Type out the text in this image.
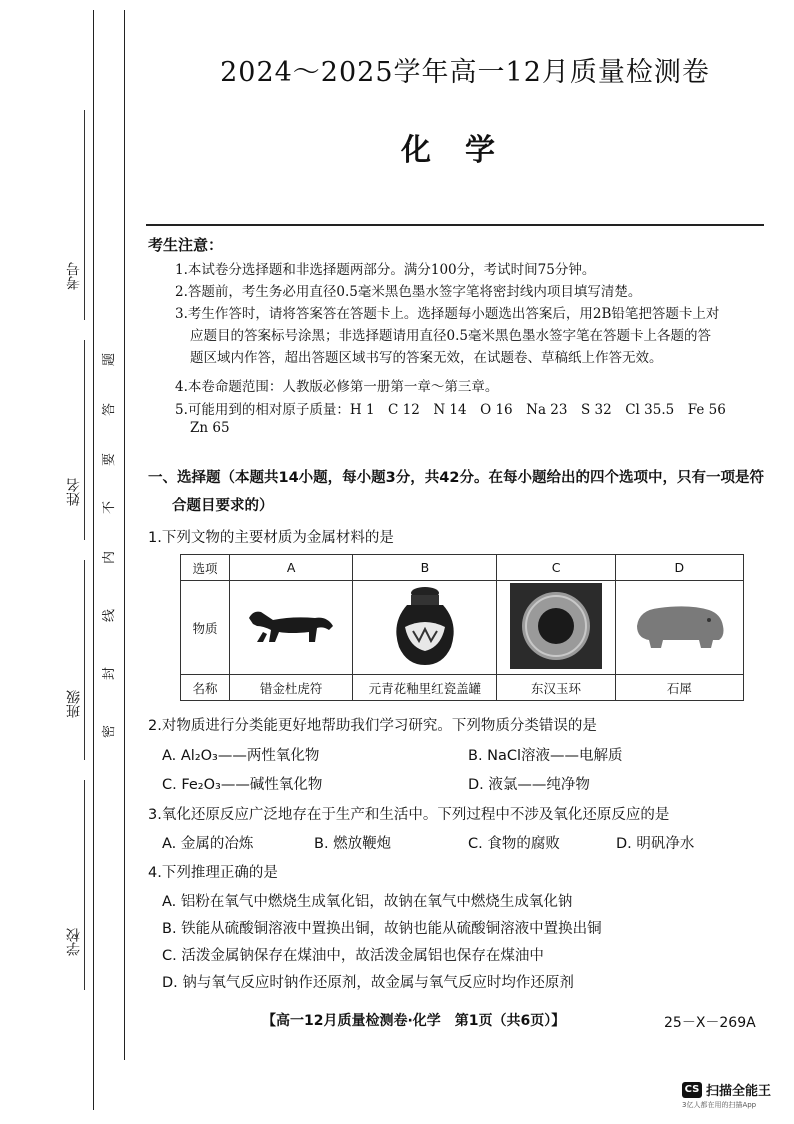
考号
姓名
班级
学校
密
封
线
内
不
要
答
题
2024～2025学年高一12月质量检测卷
化学
考生注意：
1.本试卷分选择题和非选择题两部分。满分100分，考试时间75分钟。
2.答题前，考生务必用直径0.5毫米黑色墨水签字笔将密封线内项目填写清楚。
3.考生作答时，请将答案答在答题卡上。选择题每小题选出答案后，用2B铅笔把答题卡上对
应题目的答案标号涂黑；非选择题请用直径0.5毫米黑色墨水签字笔在答题卡上各题的答
题区域内作答，超出答题区域书写的答案无效，在试题卷、草稿纸上作答无效。
4.本卷命题范围：人教版必修第一册第一章～第三章。
5.可能用到的相对原子质量：H 1　C 12　N 14　O 16　Na 23　S 32　Cl 35.5　Fe 56
Zn 65
一、选择题（本题共14小题，每小题3分，共42分。在每小题给出的四个选项中，只有一项是符
合题目要求的）
1.下列文物的主要材质为金属材料的是
选项	A	B	C	D
物质				
名称	错金杜虎符	元青花釉里红瓷盖罐	东汉玉环	石犀
2.对物质进行分类能更好地帮助我们学习研究。下列物质分类错误的是
A. Al₂O₃——两性氧化物	B. NaCl溶液——电解质
C. Fe₂O₃——碱性氧化物	D. 液氯——纯净物
3.氧化还原反应广泛地存在于生产和生活中。下列过程中不涉及氧化还原反应的是
A. 金属的冶炼	B. 燃放鞭炮	C. 食物的腐败	D. 明矾净水
4.下列推理正确的是
A. 铝粉在氧气中燃烧生成氧化铝，故钠在氧气中燃烧生成氧化钠
B. 铁能从硫酸铜溶液中置换出铜，故钠也能从硫酸铜溶液中置换出铜
C. 活泼金属钠保存在煤油中，故活泼金属铝也保存在煤油中
D. 钠与氧气反应时钠作还原剂，故金属与氧气反应时均作还原剂
【高一12月质量检测卷·化学　第1页（共6页）】	25－X－269A
CS 扫描全能王
3亿人都在用的扫描App
